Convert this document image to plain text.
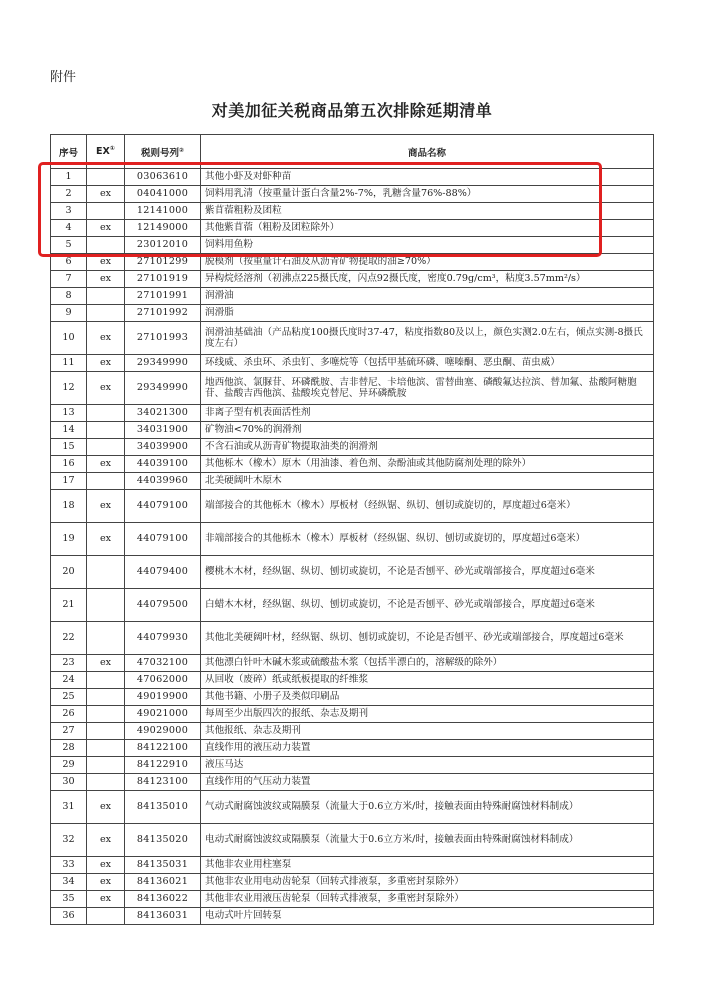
附件
对美加征关税商品第五次排除延期清单
序号	EX①	税则号列②	商品名称
1		03063610	其他小虾及对虾种苗
2	ex	04041000	饲料用乳清（按重量计蛋白含量2%-7%，乳糖含量76%-88%）
3		12141000	紫苜蓿粗粉及团粒
4	ex	12149000	其他紫苜蓿（粗粉及团粒除外）
5		23012010	饲料用鱼粉
6	ex	27101299	脱模剂（按重量计石油及从沥青矿物提取的油≥70%）
7	ex	27101919	异构烷烃溶剂（初沸点225摄氏度，闪点92摄氏度，密度0.79g/cm³，粘度3.57mm²/s）
8		27101991	润滑油
9		27101992	润滑脂
10	ex	27101993	润滑油基础油（产品粘度100摄氏度时37-47，粘度指数80及以上，颜色实测2.0左右，倾点实测-8摄氏度左右）
11	ex	29349990	环线威、杀虫环、杀虫钉、多噻烷等（包括甲基硫环磷、噻嗪酮、恶虫酮、苗虫威）
12	ex	29349990	地西他滨、氯脲苷、环磷酰胺、吉非替尼、卡培他滨、雷替曲塞、磷酸氟达拉滨、替加氟、盐酸阿糖胞苷、盐酸吉西他滨、盐酸埃克替尼、异环磷酰胺
13		34021300	非离子型有机表面活性剂
14		34031900	矿物油<70%的润滑剂
15		34039900	不含石油或从沥青矿物提取油类的润滑剂
16	ex	44039100	其他栎木（橡木）原木（用油漆、着色剂、杂酚油或其他防腐剂处理的除外）
17		44039960	北美硬阔叶木原木
18	ex	44079100	端部接合的其他栎木（橡木）厚板材（经纵锯、纵切、刨切或旋切的，厚度超过6毫米）
19	ex	44079100	非端部接合的其他栎木（橡木）厚板材（经纵锯、纵切、刨切或旋切的，厚度超过6毫米）
20		44079400	樱桃木木材，经纵锯、纵切、刨切或旋切，不论是否刨平、砂光或端部接合，厚度超过6毫米
21		44079500	白蜡木木材，经纵锯、纵切、刨切或旋切，不论是否刨平、砂光或端部接合，厚度超过6毫米
22		44079930	其他北美硬阔叶材，经纵锯、纵切、刨切或旋切，不论是否刨平、砂光或端部接合，厚度超过6毫米
23	ex	47032100	其他漂白针叶木碱木浆或硫酸盐木浆（包括半漂白的，溶解级的除外）
24		47062000	从回收（废碎）纸或纸板提取的纤维浆
25		49019900	其他书籍、小册子及类似印刷品
26		49021000	每周至少出版四次的报纸、杂志及期刊
27		49029000	其他报纸、杂志及期刊
28		84122100	直线作用的液压动力装置
29		84122910	液压马达
30		84123100	直线作用的气压动力装置
31	ex	84135010	气动式耐腐蚀波纹或隔膜泵（流量大于0.6立方米/时，接触表面由特殊耐腐蚀材料制成）
32	ex	84135020	电动式耐腐蚀波纹或隔膜泵（流量大于0.6立方米/时，接触表面由特殊耐腐蚀材料制成）
33	ex	84135031	其他非农业用柱塞泵
34	ex	84136021	其他非农业用电动齿轮泵（回转式排液泵，多重密封泵除外）
35	ex	84136022	其他非农业用液压齿轮泵（回转式排液泵，多重密封泵除外）
36		84136031	电动式叶片回转泵
